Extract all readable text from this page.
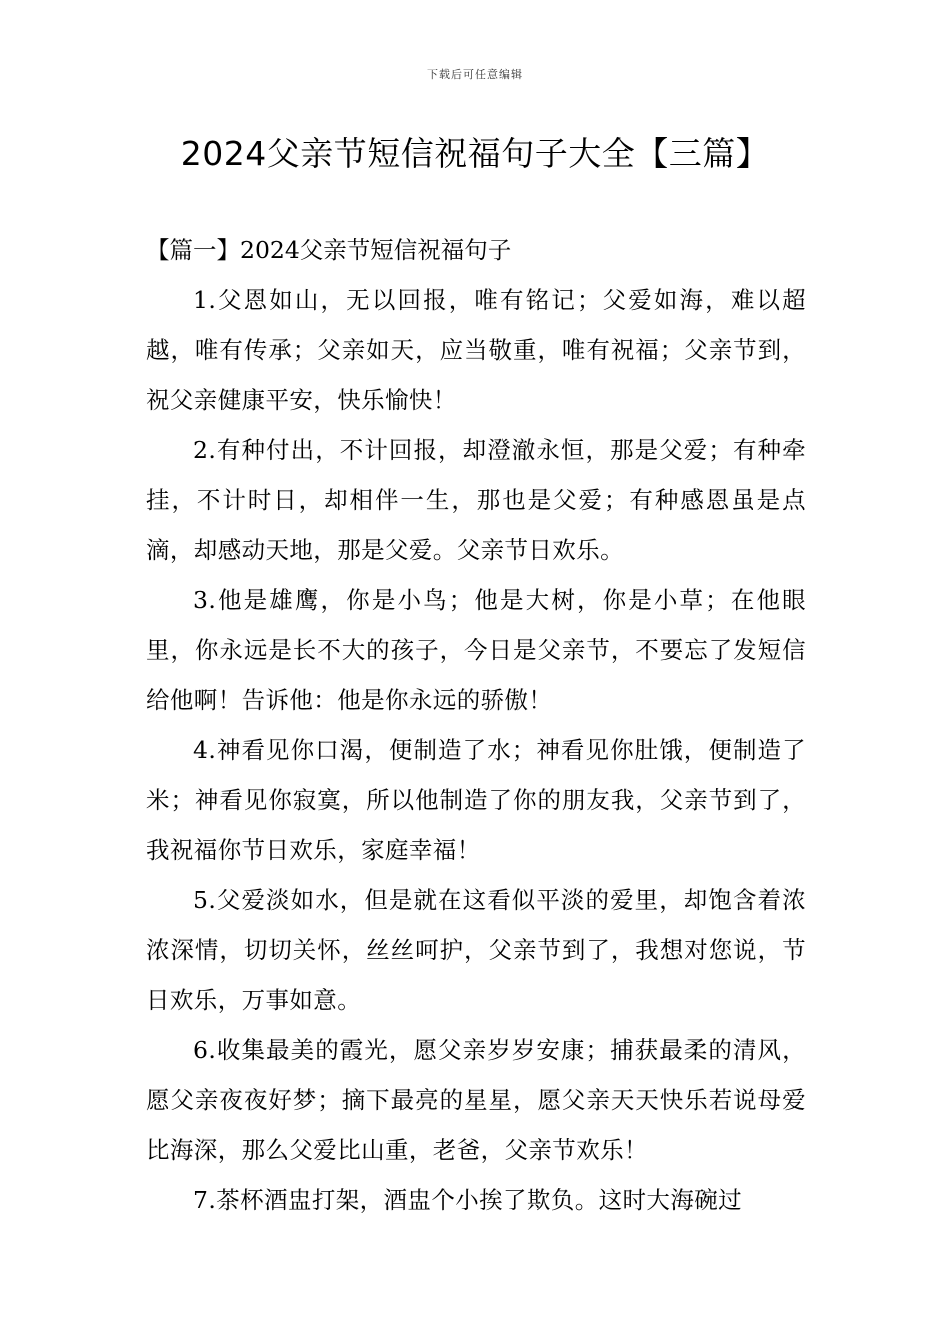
下载后可任意编辑
2024父亲节短信祝福句子大全【三篇】

【篇一】2024父亲节短信祝福句子

1.父恩如山，无以回报，唯有铭记；父爱如海，难以超越，唯有传承；父亲如天，应当敬重，唯有祝福；父亲节到，祝父亲健康平安，快乐愉快！

2.有种付出，不计回报，却澄澈永恒，那是父爱；有种牵挂，不计时日，却相伴一生，那也是父爱；有种感恩虽是点滴，却感动天地，那是父爱。父亲节日欢乐。

3.他是雄鹰，你是小鸟；他是大树，你是小草；在他眼里，你永远是长不大的孩子，今日是父亲节，不要忘了发短信给他啊！告诉他：他是你永远的骄傲！

4.神看见你口渴，便制造了水；神看见你肚饿，便制造了米；神看见你寂寞，所以他制造了你的朋友我，父亲节到了，我祝福你节日欢乐，家庭幸福！

5.父爱淡如水，但是就在这看似平淡的爱里，却饱含着浓浓深情，切切关怀，丝丝呵护，父亲节到了，我想对您说，节日欢乐，万事如意。

6.收集最美的霞光，愿父亲岁岁安康；捕获最柔的清风，愿父亲夜夜好梦；摘下最亮的星星，愿父亲天天快乐若说母爱比海深，那么父爱比山重，老爸，父亲节欢乐！

7.茶杯酒盅打架，酒盅个小挨了欺负。这时大海碗过
